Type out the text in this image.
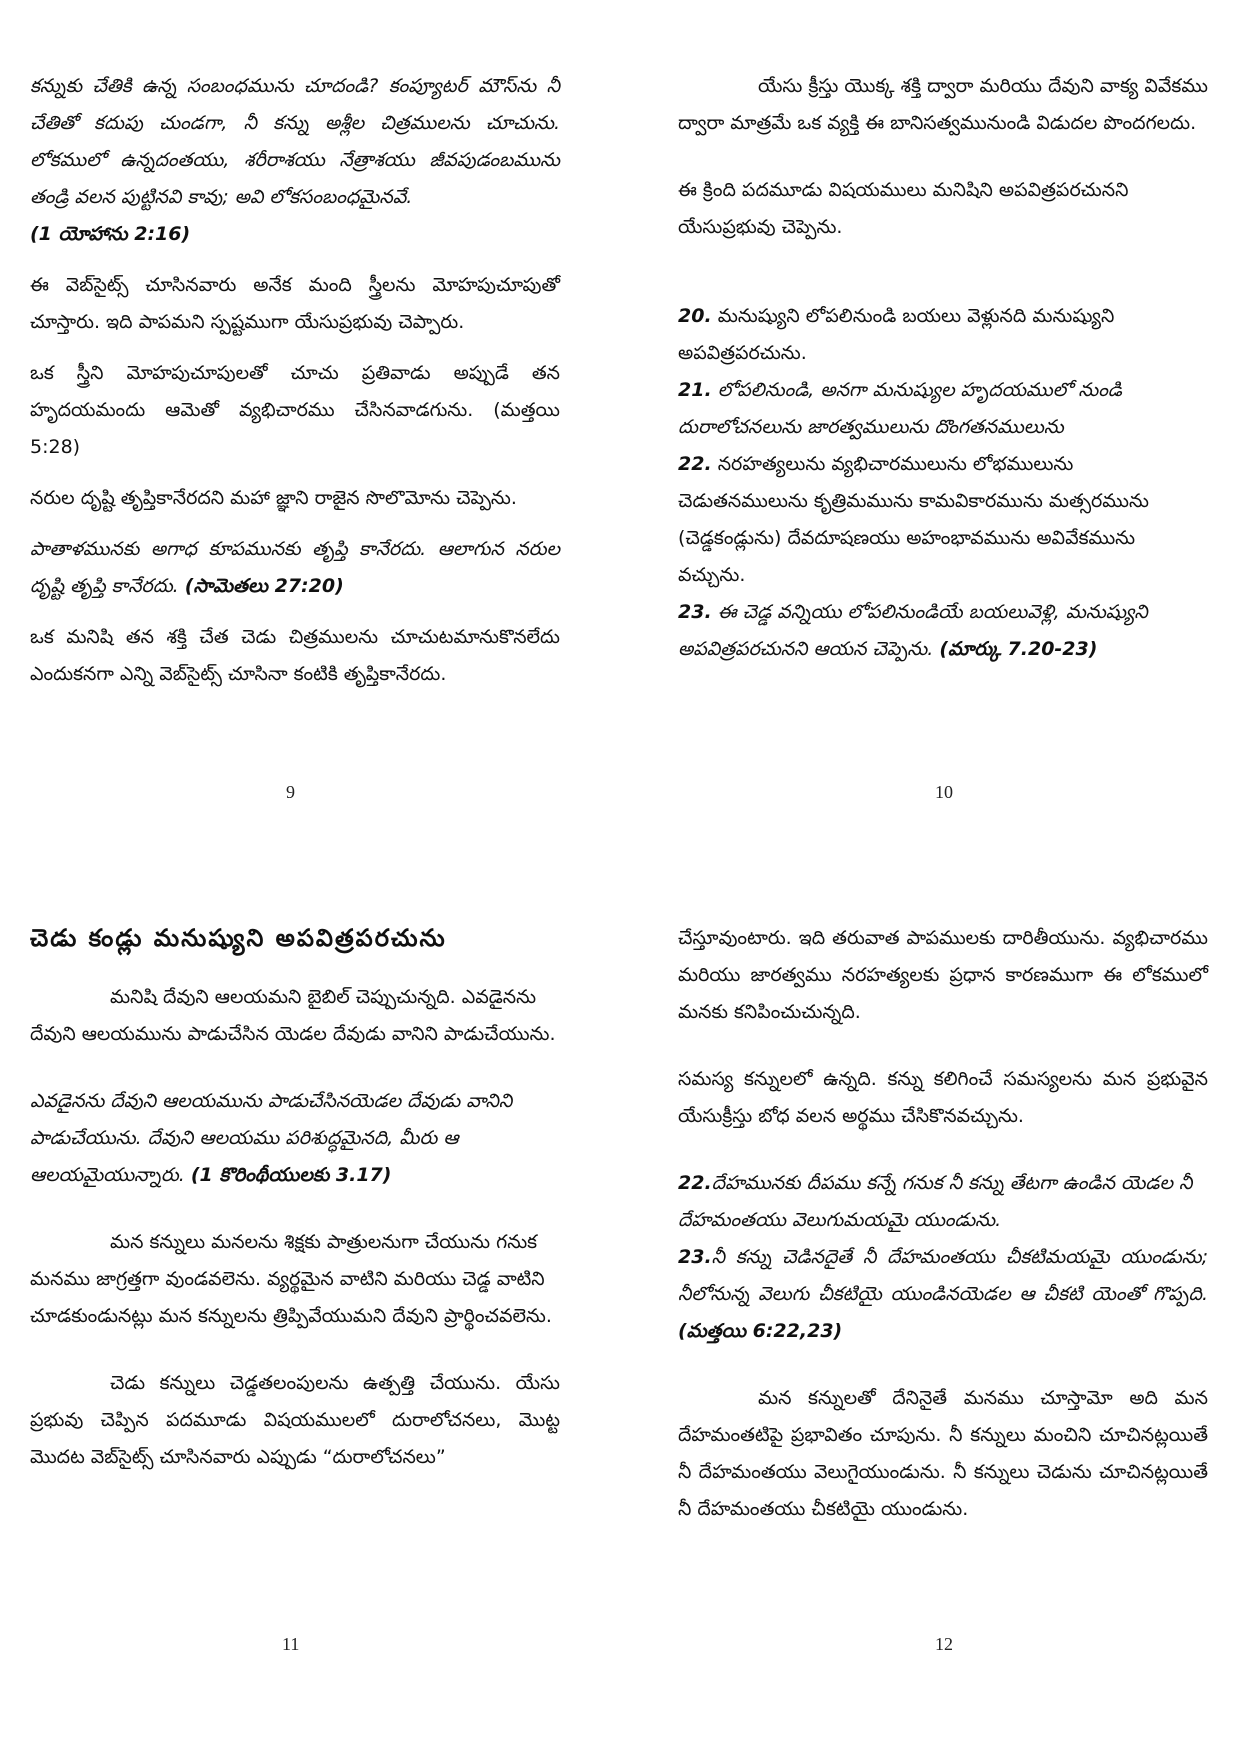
కన్నుకు చేతికి ఉన్న సంబంధమును చూదండి? కంప్యూటర్ మౌస్‌ను నీ చేతితో కదుపు చుండగా, నీ కన్ను అశ్లీల చిత్రములను చూచును. లోకములో ఉన్నదంతయు, శరీరాశయు నేత్రాశయు జీవపుడంబమును తండ్రి వలన పుట్టినవి కావు; అవి లోకసంబంధమైనవే.

(1 యోహాను 2:16)

ఈ వెబ్‌సైట్స్ చూసినవారు అనేక మంది స్త్రీలను మోహపుచూపుతో చూస్తారు. ఇది పాపమని స్పష్టముగా యేసుప్రభువు చెప్పారు.

ఒక స్త్రీని మోహపుచూపులతో చూచు ప్రతివాడు అప్పుడే తన హృదయమందు ఆమెతో వ్యభిచారము చేసినవాడగును. (మత్తయి 5:28)

నరుల దృష్టి తృప్తికానేరదని మహా జ్ఞాని రాజైన సొలొమోను చెప్పెను.

పాతాళమునకు అగాధ కూపమునకు తృప్తి కానేరదు. ఆలాగున నరుల దృష్టి తృప్తి కానేరదు. (సామెతలు 27:20)

ఒక మనిషి తన శక్తి చేత చెడు చిత్రములను చూచుటమానుకొనలేదు ఎందుకనగా ఎన్ని వెబ్‌సైట్స్ చూసినా కంటికి తృప్తికానేరదు.

9

యేసు క్రీస్తు యొక్క శక్తి ద్వారా మరియు దేవుని వాక్య వివేకము ద్వారా మాత్రమే ఒక వ్యక్తి ఈ బానిసత్వమునుండి విడుదల పొందగలదు.

ఈ క్రింది పదమూడు విషయములు మనిషిని అపవిత్రపరచునని యేసుప్రభువు చెప్పెను.

20. మనుష్యుని లోపలినుండి బయలు వెళ్లునది మనుష్యుని అపవిత్రపరచును.

21. లోపలినుండి, అనగా మనుష్యుల హృదయములో నుండి దురాలోచనలును జారత్వములును దొంగతనములును

22. నరహత్యలును వ్యభిచారములును లోభములును చెడుతనములును కృత్రిమమును కామవికారమును మత్సరమును (చెడ్డకండ్లును) దేవదూషణయు అహంభావమును అవివేకమును వచ్చును.

23. ఈ చెడ్డ వన్నియు లోపలినుండియే బయలువెళ్లి, మనుష్యుని అపవిత్రపరచునని ఆయన చెప్పెను. (మార్కు 7.20-23)

10

చెడు కండ్లు మనుష్యుని అపవిత్రపరచును

మనిషి దేవుని ఆలయమని బైబిల్ చెప్పుచున్నది. ఎవడైనను దేవుని ఆలయమును పాడుచేసిన యెడల దేవుడు వానిని పాడుచేయును.

ఎవడైనను దేవుని ఆలయమును పాడుచేసినయెడల దేవుడు వానిని పాడుచేయును. దేవుని ఆలయము పరిశుద్ధమైనది, మీరు ఆ ఆలయమైయున్నారు. (1 కొరింథీయులకు 3.17)

మన కన్నులు మనలను శిక్షకు పాత్రులనుగా చేయును గనుక మనము జాగ్రత్తగా వుండవలెను. వ్యర్థమైన వాటిని మరియు చెడ్డ వాటిని చూడకుండునట్లు మన కన్నులను త్రిప్పివేయుమని దేవుని ప్రార్థించవలెను.

చెడు కన్నులు చెడ్డతలంపులను ఉత్పత్తి చేయును. యేసు ప్రభువు చెప్పిన పదమూడు విషయములలో దురాలోచనలు, మొట్ట మొదట వెబ్‌సైట్స్ చూసినవారు ఎప్పుడు “దురాలోచనలు”

11

చేస్తూవుంటారు. ఇది తరువాత పాపములకు దారితీయును. వ్యభిచారము మరియు జారత్వము నరహత్యలకు ప్రధాన కారణముగా ఈ లోకములో మనకు కనిపించుచున్నది.

సమస్య కన్నులలో ఉన్నది. కన్ను కలిగించే సమస్యలను మన ప్రభువైన యేసుక్రీస్తు బోధ వలన అర్థము చేసికొనవచ్చును.

22.దేహమునకు దీపము కన్నే గనుక నీ కన్ను తేటగా ఉండిన యెడల నీ దేహమంతయు వెలుగుమయమై యుండును.

23.నీ కన్ను చెడినదైతే నీ దేహమంతయు చీకటిమయమై యుండును; నీలోనున్న వెలుగు చీకటియై యుండినయెడల ఆ చీకటి యెంతో గొప్పది. (మత్తయి 6:22,23)

మన కన్నులతో దేనినైతే మనము చూస్తామో అది మన దేహమంతటిపై ప్రభావితం చూపును. నీ కన్నులు మంచిని చూచినట్లయితే నీ దేహమంతయు వెలుగైయుండును. నీ కన్నులు చెడును చూచినట్లయితే నీ దేహమంతయు చీకటియై యుండును.

12
